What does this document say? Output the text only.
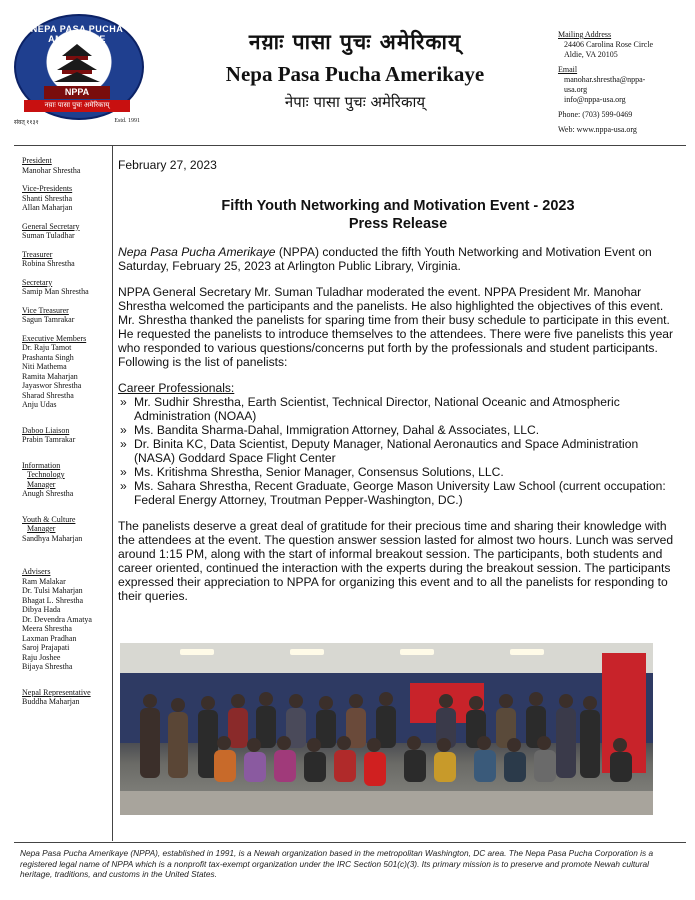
NEPA PASA PUCHA AMERIKAYE
NPPA
नय़ाः पासा पुचः अमेरिकाय्
संवत् ११३१	Estd. 1991

नय़ाः पासा पुचः अमेरिकाय्

Nepa Pasa Pucha Amerikaye

नेपाः पासा पुचः अमेरिकाय्

Mailing Address
24406 Carolina Rose Circle
Aldie, VA 20105
Email
manohar.shrestha@nppa-
usa.org
info@nppa-usa.org
Phone: (703) 599-0469
Web: www.nppa-usa.org
President
Manohar Shrestha
Vice-Presidents
Shanti Shrestha
Allan Maharjan
General Secretary
Suman Tuladhar
Treasurer
Robina Shrestha
Secretary
Samip Man Shrestha
Vice Treasurer
Sagun Tamrakar
Executive Members
Dr. Raju Tamot
Prashanta Singh
Niti Mathema
Ramita Maharjan
Jayaswor Shrestha
Sharad Shrestha
Anju Udas
Daboo Liaison
Prabin Tamrakar
Information
Technology
Manager
Anugh Shrestha
Youth & Culture
Manager
Sandhya Maharjan
Advisers
Ram Malakar
Dr. Tulsi Maharjan
Bhagat L. Shrestha
Dibya Hada
Dr. Devendra Amatya
Meera Shrestha
Laxman Pradhan
Saroj Prajapati
Raju Joshee
Bijaya Shrestha
Nepal Representative
Buddha Maharjan

February 27, 2023

Fifth Youth Networking and Motivation Event - 2023
Press Release

Nepa Pasa Pucha Amerikaye (NPPA) conducted the fifth Youth Networking and Motivation Event on Saturday, February 25, 2023 at Arlington Public Library, Virginia.

NPPA General Secretary Mr. Suman Tuladhar moderated the event. NPPA President Mr. Manohar Shrestha welcomed the participants and the panelists. He also highlighted the objectives of this event. Mr. Shrestha thanked the panelists for sparing time from their busy schedule to participate in this event. He requested the panelists to introduce themselves to the attendees. There were five panelists this year who responded to various questions/concerns put forth by the professionals and student participants. Following is the list of panelists:

Career Professionals:

» Mr. Sudhir Shrestha, Earth Scientist, Technical Director, National Oceanic and Atmospheric Administration (NOAA)
» Ms. Bandita Sharma-Dahal, Immigration Attorney, Dahal & Associates, LLC.
» Dr. Binita KC, Data Scientist, Deputy Manager, National Aeronautics and Space Administration (NASA) Goddard Space Flight Center
» Ms. Kritishma Shrestha, Senior Manager, Consensus Solutions, LLC.
» Ms. Sahara Shrestha, Recent Graduate, George Mason University Law School (current occupation: Federal Energy Attorney, Troutman Pepper-Washington, DC.)

The panelists deserve a great deal of gratitude for their precious time and sharing their knowledge with the attendees at the event. The question answer session lasted for almost two hours. Lunch was served around 1:15 PM, along with the start of informal breakout session. The participants, both students and career oriented, continued the interaction with the experts during the breakout session. The participants expressed their appreciation to NPPA for organizing this event and to all the panelists for responding to their queries.

Nepa Pasa Pucha Amerikaye (NPPA), established in 1991, is a Newah organization based in the metropolitan Washington, DC area. The Nepa Pasa Pucha Corporation is a registered legal name of NPPA which is a nonprofit tax-exempt organization under the IRC Section 501(c)(3). Its primary mission is to preserve and promote Newah cultural heritage, traditions, and customs in the United States.
